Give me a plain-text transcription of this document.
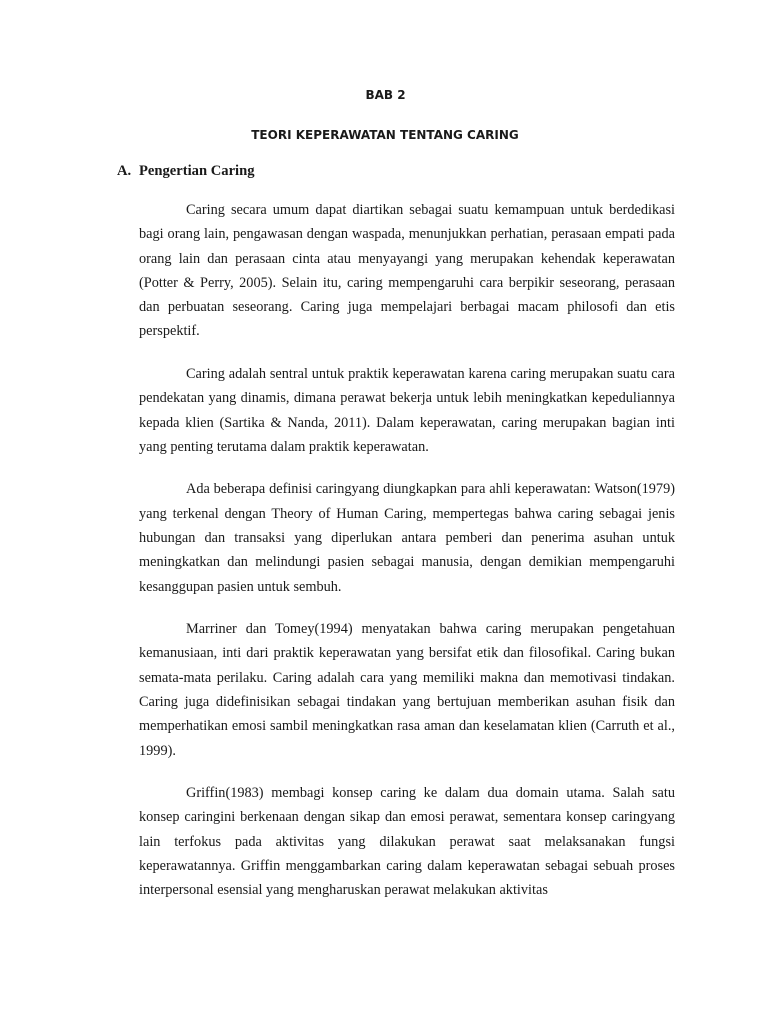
BAB 2
TEORI KEPERAWATAN TENTANG CARING
A. Pengertian Caring

Caring secara umum dapat diartikan sebagai suatu kemampuan untuk berdedikasi bagi orang lain, pengawasan dengan waspada, menunjukkan perhatian, perasaan empati pada orang lain dan perasaan cinta atau menyayangi yang merupakan kehendak keperawatan (Potter & Perry, 2005). Selain itu, caring mempengaruhi cara berpikir seseorang, perasaan dan perbuatan seseorang. Caring juga mempelajari berbagai macam philosofi dan etis perspektif.

Caring adalah sentral untuk praktik keperawatan karena caring merupakan suatu cara pendekatan yang dinamis, dimana perawat bekerja untuk lebih meningkatkan kepeduliannya kepada klien (Sartika & Nanda, 2011). Dalam keperawatan, caring merupakan bagian inti yang penting terutama dalam praktik keperawatan.

Ada beberapa definisi caringyang diungkapkan para ahli keperawatan: Watson(1979) yang terkenal dengan Theory of Human Caring, mempertegas bahwa caring sebagai jenis hubungan dan transaksi yang diperlukan antara pemberi dan penerima asuhan untuk meningkatkan dan melindungi pasien sebagai manusia, dengan demikian mempengaruhi kesanggupan pasien untuk sembuh.

Marriner dan Tomey(1994) menyatakan bahwa caring merupakan pengetahuan kemanusiaan, inti dari praktik keperawatan yang bersifat etik dan filosofikal. Caring bukan semata-mata perilaku. Caring adalah cara yang memiliki makna dan memotivasi tindakan. Caring juga didefinisikan sebagai tindakan yang bertujuan memberikan asuhan fisik dan memperhatikan emosi sambil meningkatkan rasa aman dan keselamatan klien (Carruth et al., 1999).

Griffin(1983) membagi konsep caring ke dalam dua domain utama. Salah satu konsep caringini berkenaan dengan sikap dan emosi perawat, sementara konsep caringyang lain terfokus pada aktivitas yang dilakukan perawat saat melaksanakan fungsi keperawatannya. Griffin menggambarkan caring dalam keperawatan sebagai sebuah proses interpersonal esensial yang mengharuskan perawat melakukan aktivitas
